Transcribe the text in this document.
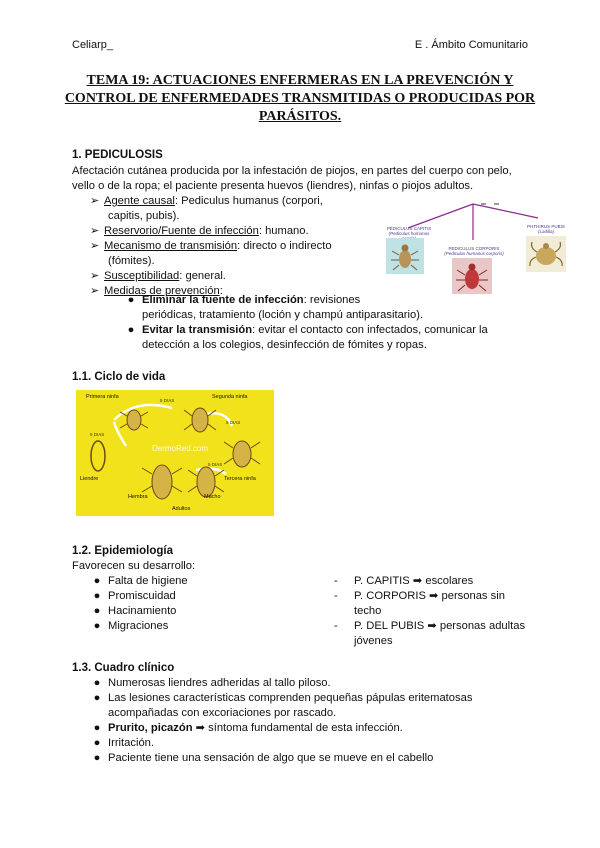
Celiarp_	E . Ámbito Comunitario
TEMA 19: ACTUACIONES ENFERMERAS EN LA PREVENCIÓN Y CONTROL DE ENFERMEDADES TRANSMITIDAS O PRODUCIDAS POR PARÁSITOS.
1. PEDICULOSIS
Afectación cutánea producida por la infestación de piojos, en partes del cuerpo con pelo,
vello o de la ropa; el paciente presenta huevos (liendres), ninfas o piojos adultos.
➢ Agente causal: Pediculus humanus (corpori,
capitis, pubis).
➢ Reservorio/Fuente de infección: humano.
➢ Mecanismo de transmisión: directo o indirecto
(fómites).
➢ Susceptibilidad: general.
➢ Medidas de prevención:
● Eliminar la fuente de infección: revisiones
periódicas, tratamiento (loción y champú antiparasitario).
● Evitar la transmisión: evitar el contacto con infectados, comunicar la
detección a los colegios, desinfección de fómites y ropas.
PEDICULUS CAPITIS
(Pediculus humanus
PEDICULUS CORPORIS
(Pediculus humanus corporis)
PHTHIRUS PUBIS
(Ladilla)
1.1. Ciclo de vida
Primera ninfa	Segunda ninfa
Tercera ninfa
Liendre
Hembra	Macho
Adultos
5 DIAS
5 DIAS
5 DIAS
5 DIAS
DermoRed.com
1.2. Epidemiología
Favorecen su desarrollo:
● Falta de higiene
● Promiscuidad
● Hacinamiento
● Migraciones
-	P. CAPITIS ➡ escolares
-	P. CORPORIS ➡ personas sin
techo
-	P. DEL PUBIS ➡ personas adultas
jóvenes
1.3. Cuadro clínico
● Numerosas liendres adheridas al tallo piloso.
● Las lesiones características comprenden pequeñas pápulas eritematosas
acompañadas con excoriaciones por rascado.
● Prurito, picazón ➡ síntoma fundamental de esta infección.
● Irritación.
● Paciente tiene una sensación de algo que se mueve en el cabello
